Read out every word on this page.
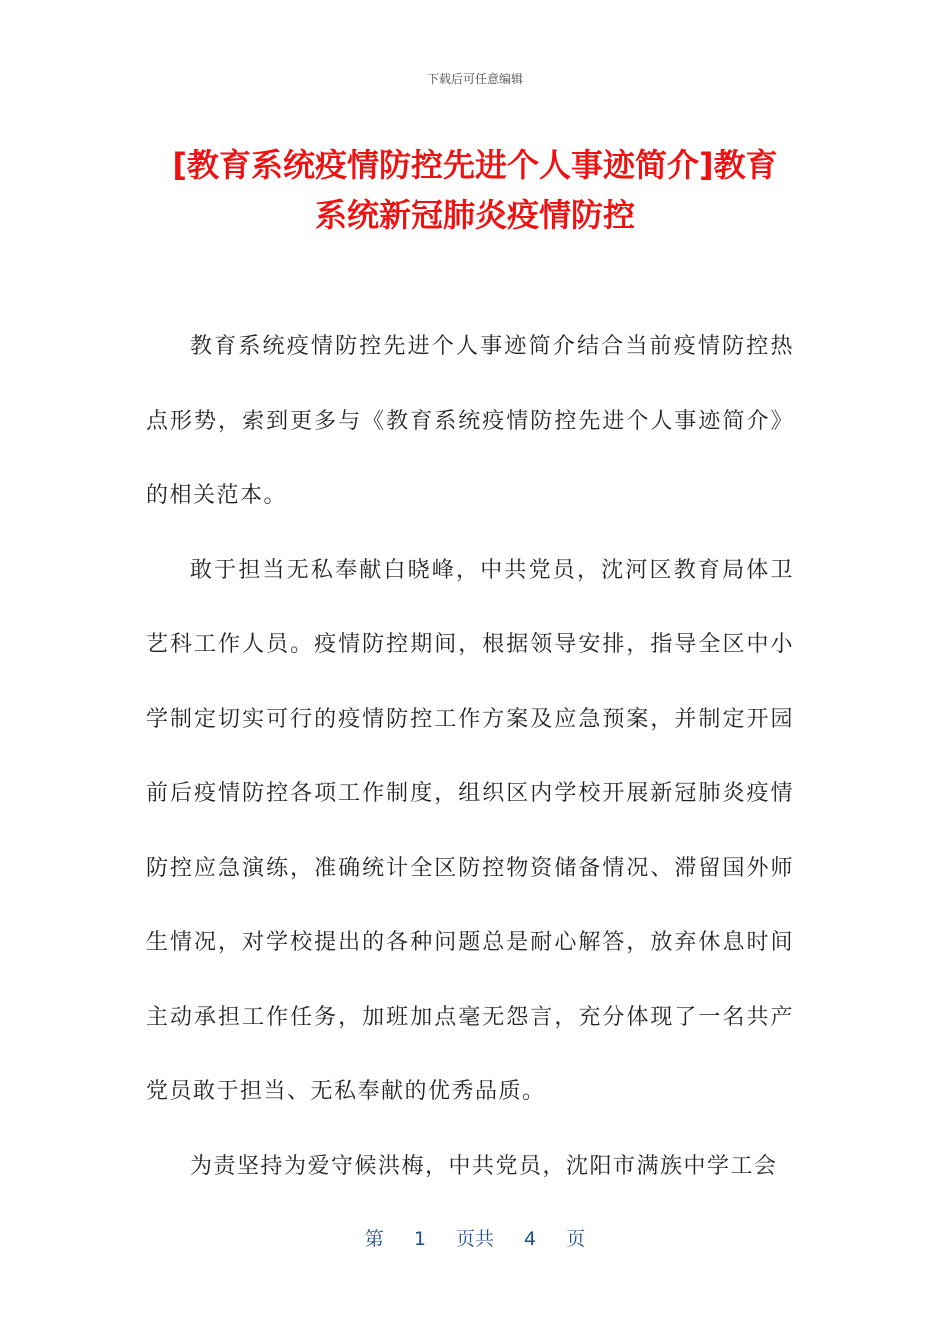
下载后可任意编辑
[教育系统疫情防控先进个人事迹简介]教育
系统新冠肺炎疫情防控

教育系统疫情防控先进个人事迹简介结合当前疫情防控热点形势，索到更多与《教育系统疫情防控先进个人事迹简介》的相关范本。

敢于担当无私奉献白晓峰，中共党员，沈河区教育局体卫艺科工作人员。疫情防控期间，根据领导安排，指导全区中小学制定切实可行的疫情防控工作方案及应急预案，并制定开园前后疫情防控各项工作制度，组织区内学校开展新冠肺炎疫情防控应急演练，准确统计全区防控物资储备情况、滞留国外师生情况，对学校提出的各种问题总是耐心解答，放弃休息时间主动承担工作任务，加班加点毫无怨言，充分体现了一名共产党员敢于担当、无私奉献的优秀品质。

为责坚持为爱守候洪梅，中共党员，沈阳市满族中学工会

第 1 页共 4 页
